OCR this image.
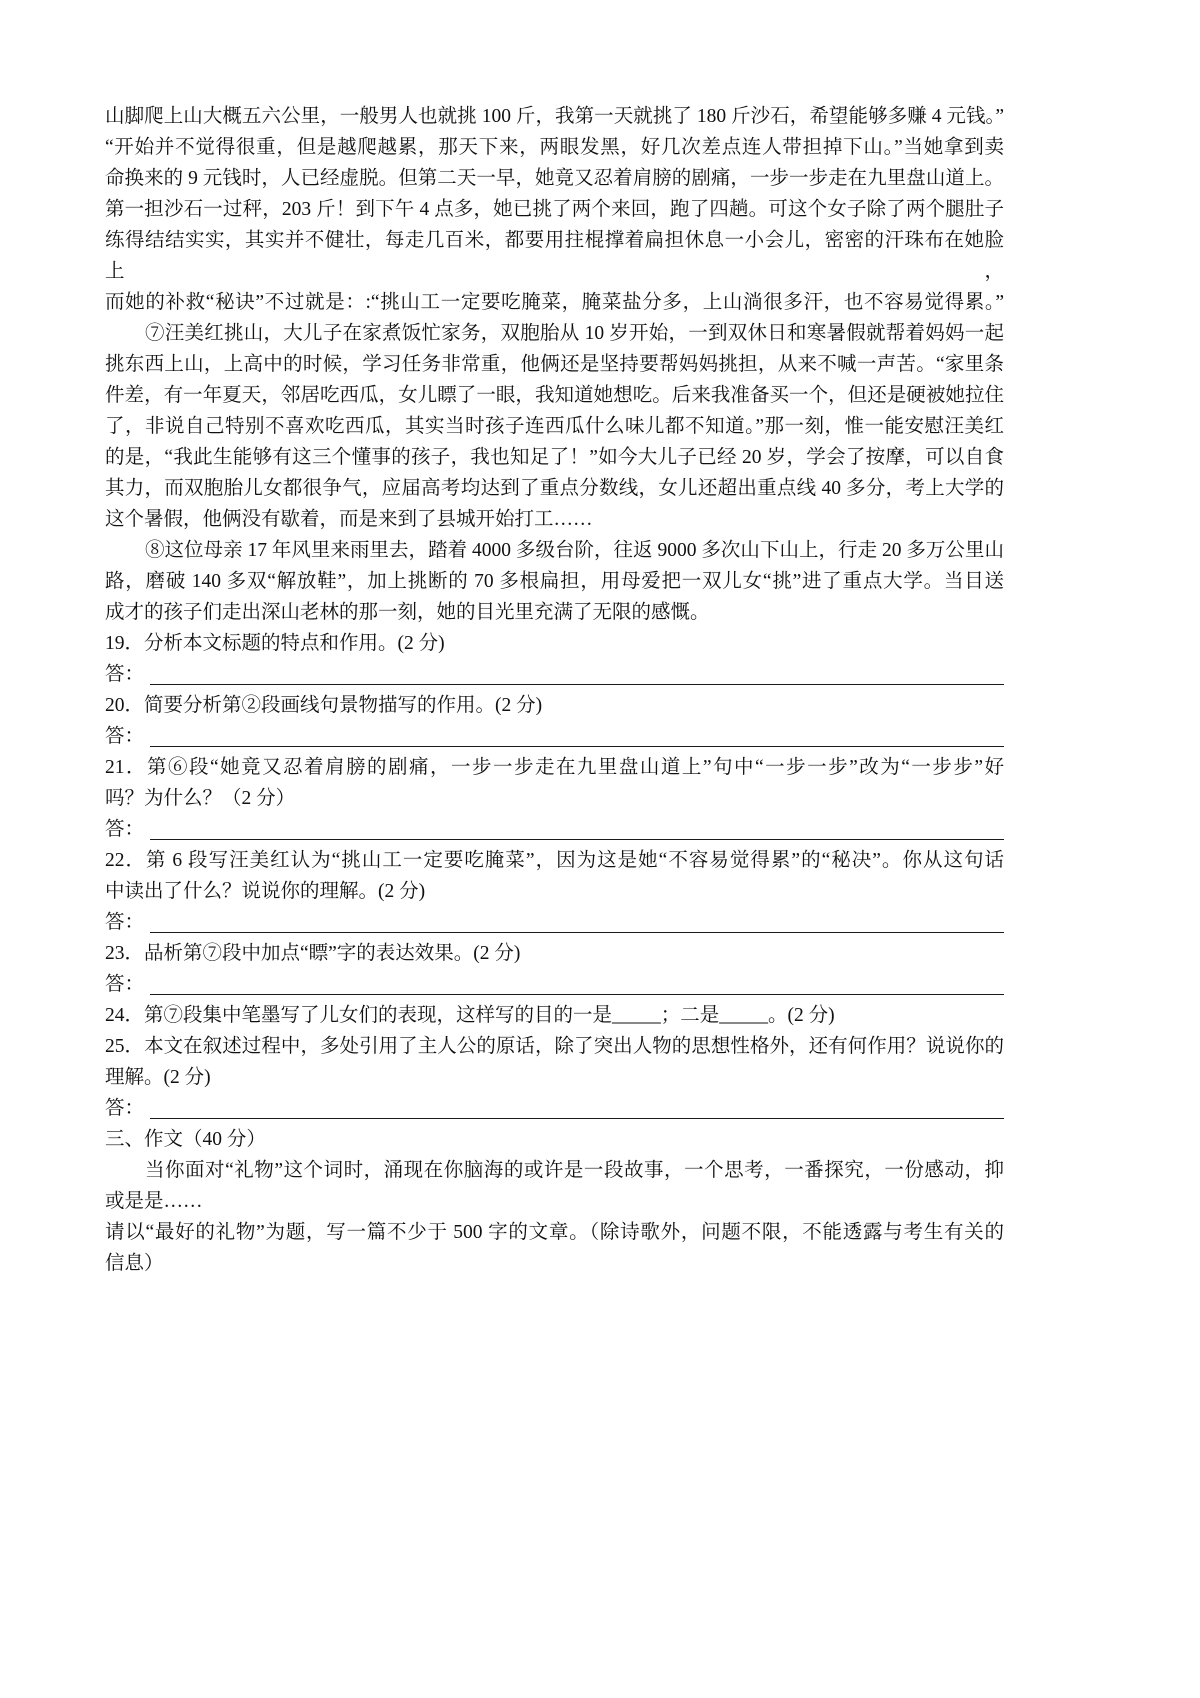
山脚爬上山大概五六公里，一般男人也就挑 100 斤，我第一天就挑了 180 斤沙石，希望能够多赚 4 元钱。”
“开始并不觉得很重，但是越爬越累，那天下来，两眼发黑，好几次差点连人带担掉下山。”当她拿到卖
命换来的 9 元钱时，人已经虚脱。但第二天一早，她竟又忍着肩膀的剧痛，一步一步走在九里盘山道上。
第一担沙石一过秤，203 斤！到下午 4 点多，她已挑了两个来回，跑了四趟。可这个女子除了两个腿肚子
练得结结实实，其实并不健壮，每走几百米，都要用拄棍撑着扁担休息一小会儿，密密的汗珠布在她脸上，
而她的补救“秘诀”不过就是：:“挑山工一定要吃腌菜，腌菜盐分多，上山淌很多汗，也不容易觉得累。”
⑦汪美红挑山，大儿子在家煮饭忙家务，双胞胎从 10 岁开始，一到双休日和寒暑假就帮着妈妈一起
挑东西上山，上高中的时候，学习任务非常重，他俩还是坚持要帮妈妈挑担，从来不喊一声苦。“家里条
件差，有一年夏天，邻居吃西瓜，女儿瞟了一眼，我知道她想吃。后来我准备买一个，但还是硬被她拉住
了，非说自己特别不喜欢吃西瓜，其实当时孩子连西瓜什么味儿都不知道。”那一刻，惟一能安慰汪美红
的是，“我此生能够有这三个懂事的孩子，我也知足了！”如今大儿子已经 20 岁，学会了按摩，可以自食
其力，而双胞胎儿女都很争气，应届高考均达到了重点分数线，女儿还超出重点线 40 多分，考上大学的
这个暑假，他俩没有歇着，而是来到了县城开始打工……
⑧这位母亲 17 年风里来雨里去，踏着 4000 多级台阶，往返 9000 多次山下山上，行走 20 多万公里山
路，磨破 140 多双“解放鞋”，加上挑断的 70 多根扁担，用母爱把一双儿女“挑”进了重点大学。当目送
成才的孩子们走出深山老林的那一刻，她的目光里充满了无限的感慨。
19．分析本文标题的特点和作用。(2 分)
答：
20．简要分析第②段画线句景物描写的作用。(2 分)
答：
21．第⑥段“她竟又忍着肩膀的剧痛，一步一步走在九里盘山道上”句中“一步一步”改为“一步步”好
吗？为什么？（2 分）
答：
22．第 6 段写汪美红认为“挑山工一定要吃腌菜”，因为这是她“不容易觉得累”的“秘决”。你从这句话
中读出了什么？说说你的理解。(2 分)
答：
23．品析第⑦段中加点“瞟”字的表达效果。(2 分)
答：
24．第⑦段集中笔墨写了儿女们的表现，这样写的目的一是_____；二是_____。(2 分)
25．本文在叙述过程中，多处引用了主人公的原话，除了突出人物的思想性格外，还有何作用？说说你的
理解。(2 分)
答：
三、作文（40 分）
当你面对“礼物”这个词时，涌现在你脑海的或许是一段故事，一个思考，一番探究，一份感动，抑
或是是……
请以“最好的礼物”为题，写一篇不少于 500 字的文章。（除诗歌外，问题不限，不能透露与考生有关的
信息）
